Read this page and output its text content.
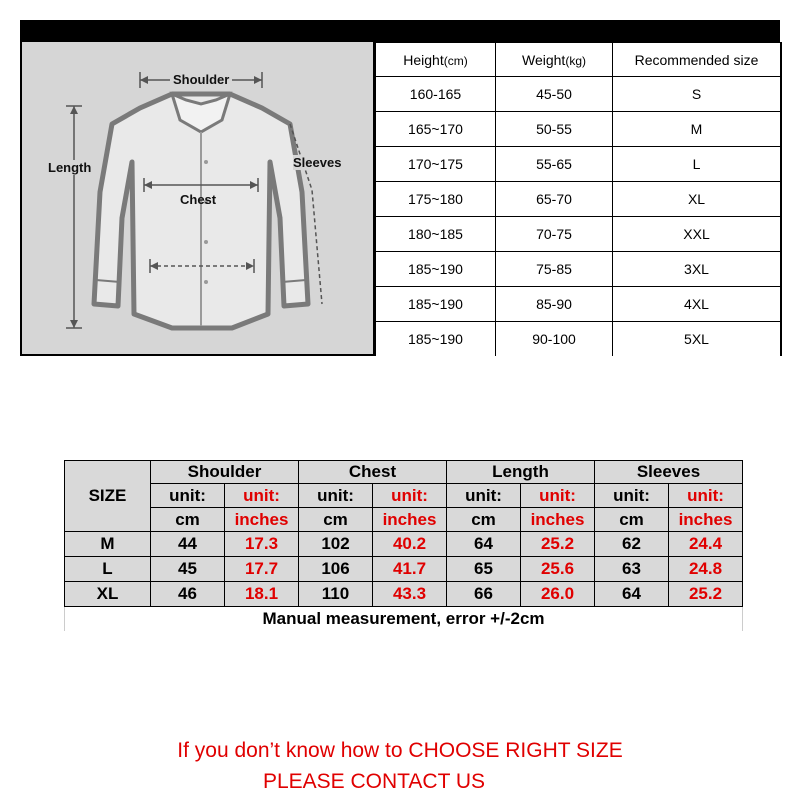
Shoulder
Length	Sleeves
Chest
Height(cm)	Weight(kg)	Recommended size
160-165	45-50	S
165~170	50-55	M
170~175	55-65	L
175~180	65-70	XL
180~185	70-75	XXL
185~190	75-85	3XL
185~190	85-90	4XL
185~190	90-100	5XL
SIZE	Shoulder		Chest		Length		Sleeves	
	unit:	unit:	unit:	unit:	unit:	unit:	unit:	unit:
	cm	inches	cm	inches	cm	inches	cm	inches
M	44	17.3	102	40.2	64	25.2	62	24.4
L	45	17.7	106	41.7	65	25.6	63	24.8
XL	46	18.1	110	43.3	66	26.0	64	25.2
Manual measurement, error +/-2cm								
If you don’t know how to CHOOSE RIGHT SIZE
PLEASE CONTACT US
